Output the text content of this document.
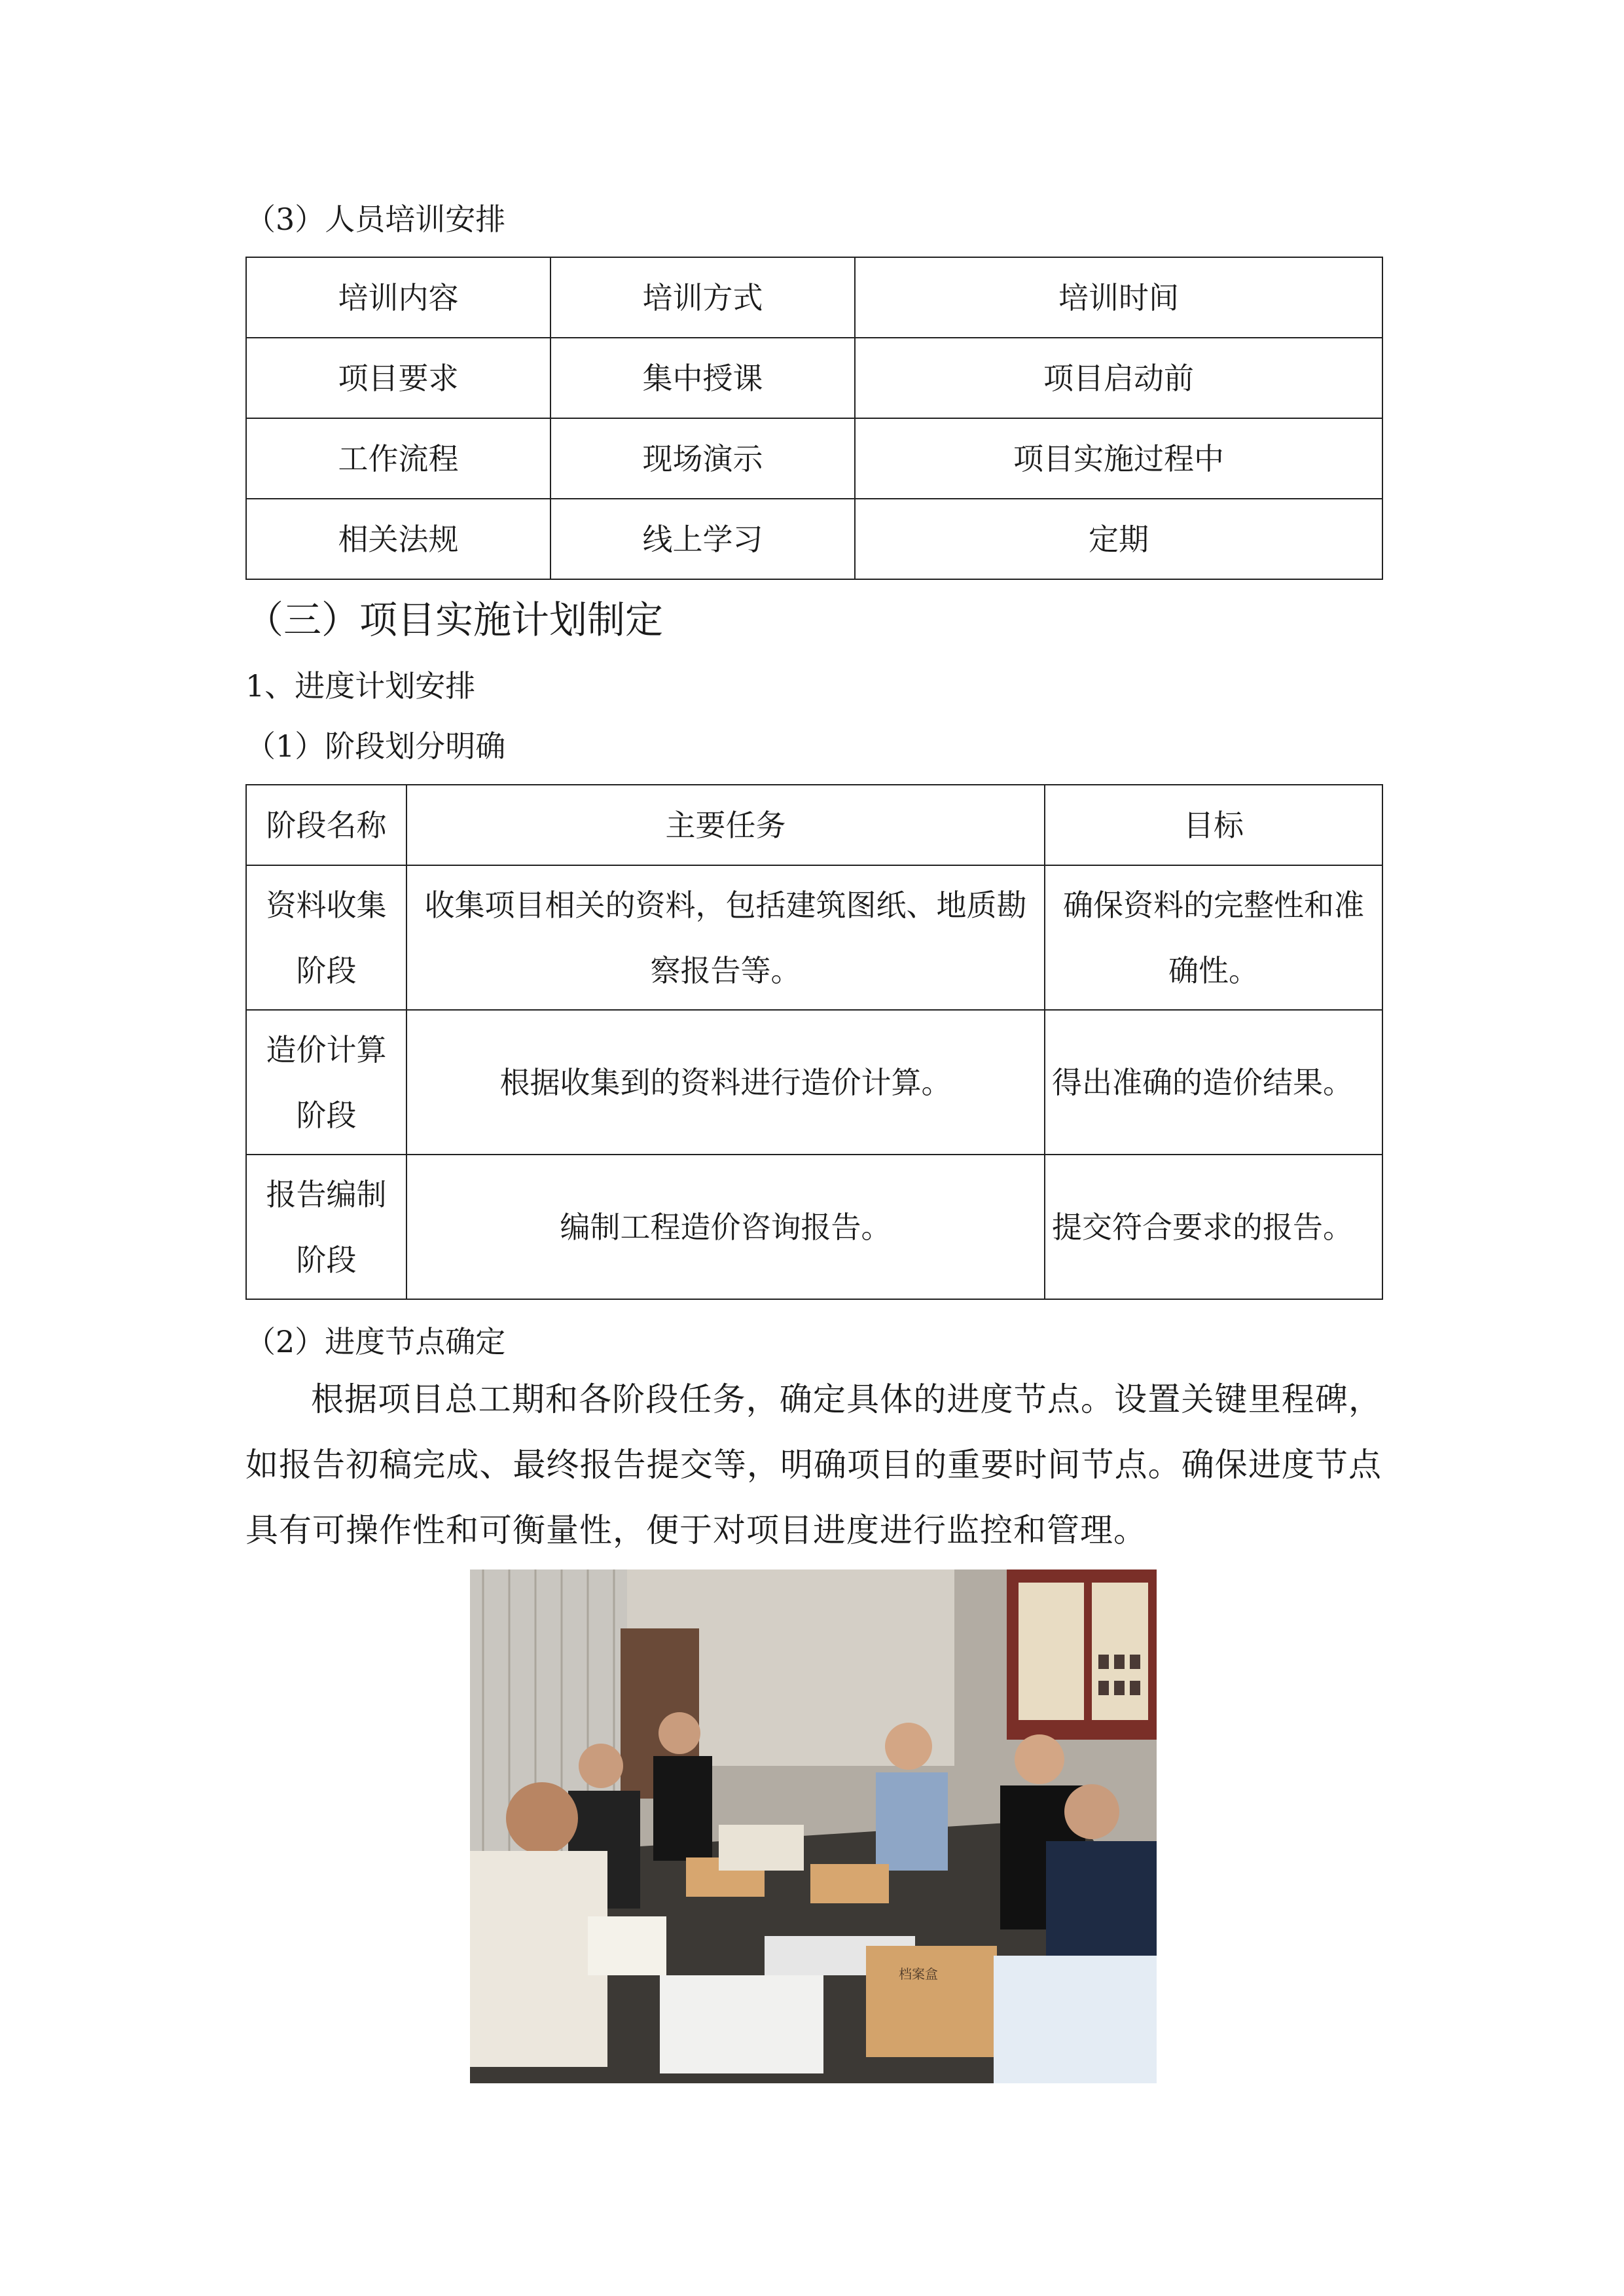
（3）人员培训安排
培训内容	培训方式	培训时间
项目要求	集中授课	项目启动前
工作流程	现场演示	项目实施过程中
相关法规	线上学习	定期
（三）项目实施计划制定
1、进度计划安排
（1）阶段划分明确
阶段名称	主要任务	目标
资料收集阶段	收集项目相关的资料，包括建筑图纸、地质勘察报告等。	确保资料的完整性和准确性。
造价计算阶段	根据收集到的资料进行造价计算。	得出准确的造价结果。
报告编制阶段	编制工程造价咨询报告。	提交符合要求的报告。
（2）进度节点确定

根据项目总工期和各阶段任务，确定具体的进度节点。设置关键里程碑，如报告初稿完成、最终报告提交等，明确项目的重要时间节点。确保进度节点具有可操作性和可衡量性，便于对项目进度进行监控和管理。

档案盒
